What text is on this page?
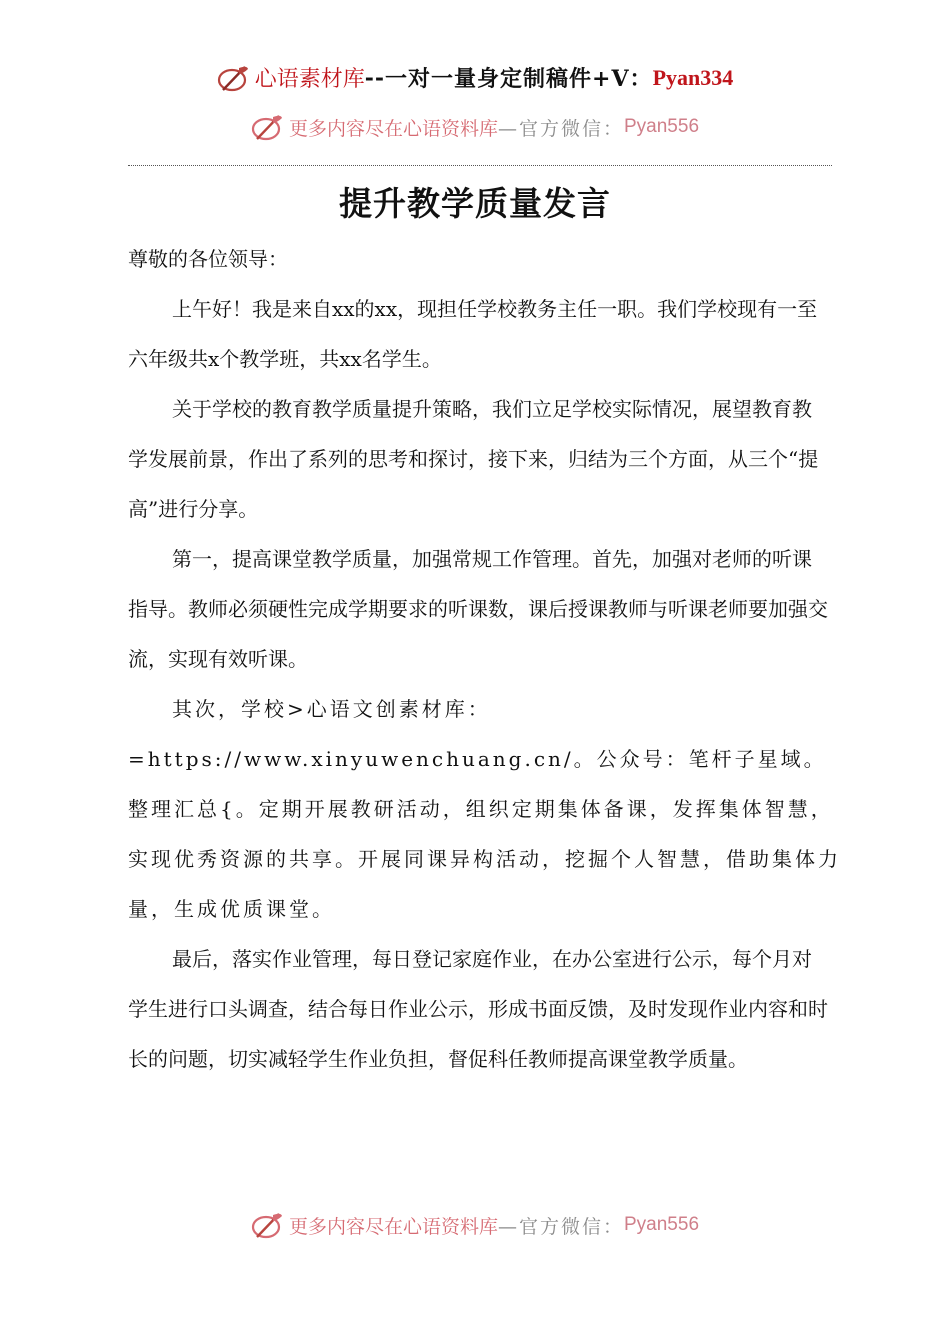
心语素材库 -- 一对一量身定制稿件 +V： Pyan334
更多内容尽在心语资料库 —官方微信： Pyan556
提升教学质量发言

尊敬的各位领导：

上午好！我是来自xx的xx，现担任学校教务主任一职。我们学校现有一至六年级共x个教学班，共xx名学生。

关于学校的教育教学质量提升策略，我们立足学校实际情况，展望教育教学发展前景，作出了系列的思考和探讨，接下来，归结为三个方面，从三个“提高”进行分享。

第一，提高课堂教学质量，加强常规工作管理。首先，加强对老师的听课指导。教师必须硬性完成学期要求的听课数，课后授课教师与听课老师要加强交流，实现有效听课。

其次，学校>心语文创素材库：=https://www.xinyuwenchuang.cn/。公众号：笔杆子星域。整理汇总{。定期开展教研活动，组织定期集体备课，发挥集体智慧，实现优秀资源的共享。开展同课异构活动，挖掘个人智慧，借助集体力量，生成优质课堂。

最后，落实作业管理，每日登记家庭作业，在办公室进行公示，每个月对学生进行口头调查，结合每日作业公示，形成书面反馈，及时发现作业内容和时长的问题，切实减轻学生作业负担，督促科任教师提高课堂教学质量。

更多内容尽在心语资料库 —官方微信： Pyan556
